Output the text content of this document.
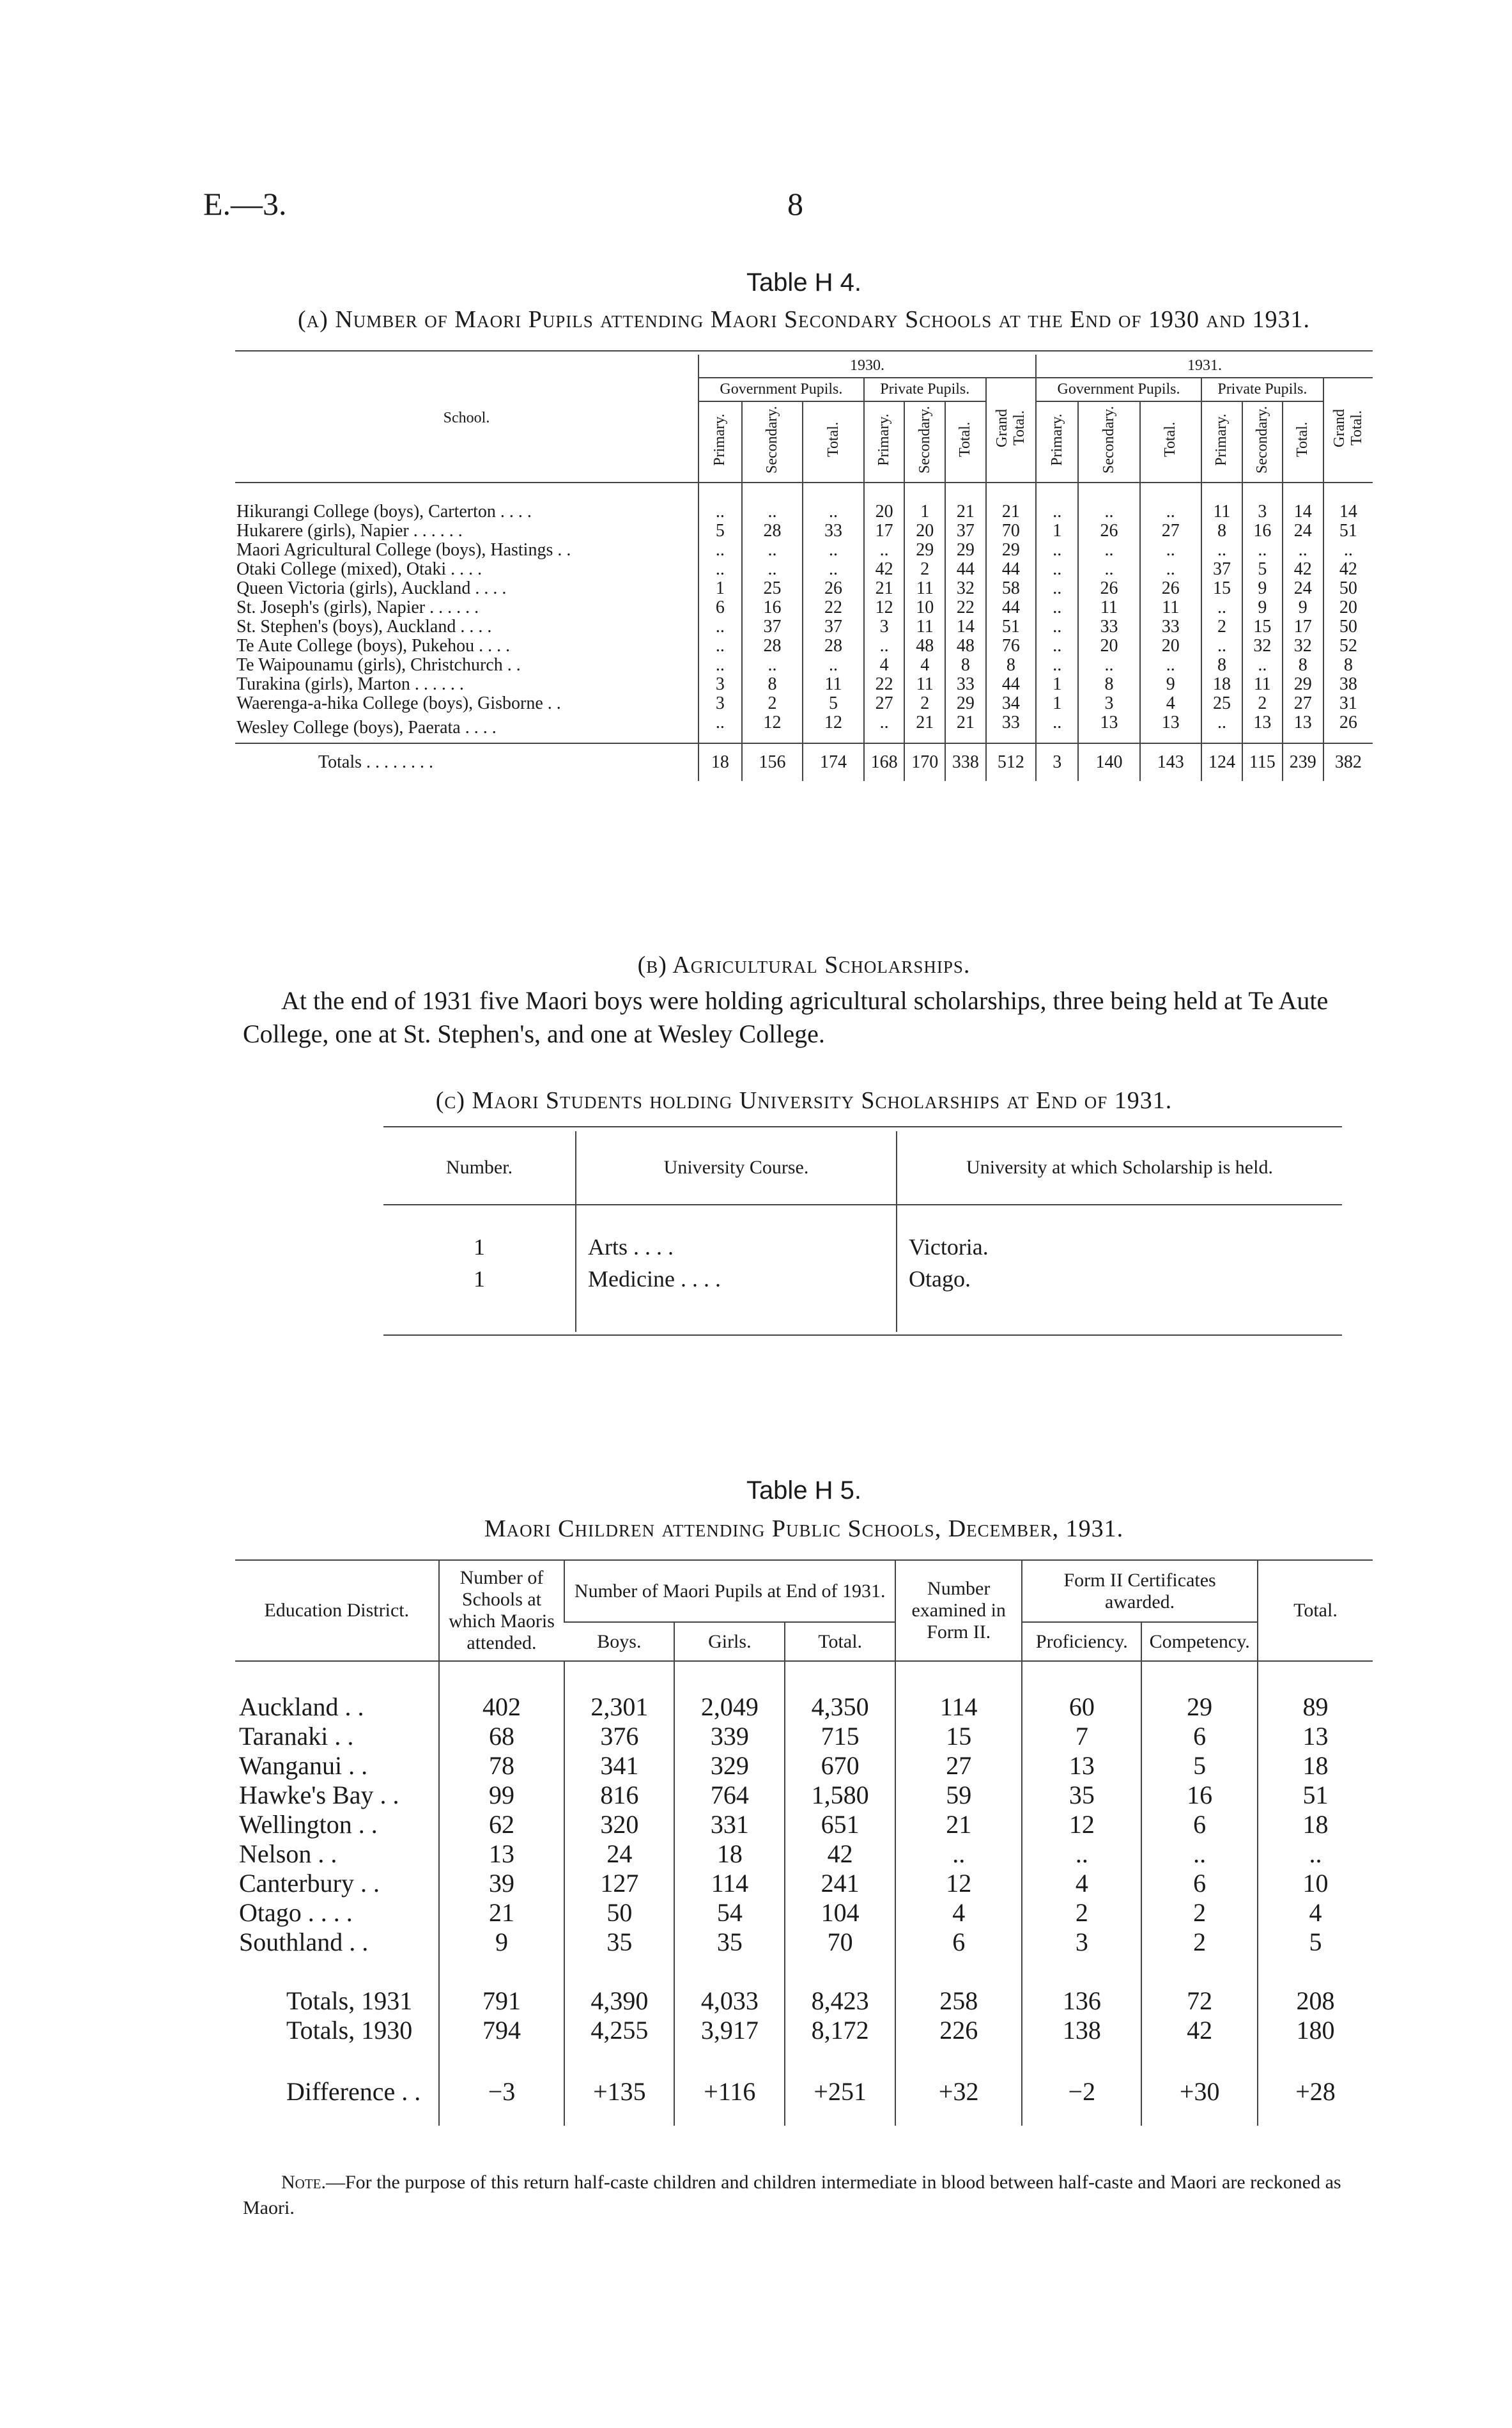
E.—3.	8
Table H 4.
(a) Number of Maori Pupils attending Maori Secondary Schools at the End of 1930 and 1931.
School.	1930.							1931.						
	Government Pupils.			Private Pupils.			Grand Total.	Government Pupils.			Private Pupils.			Grand Total.
	Primary.	Secondary.	Total.	Primary.	Secondary.	Total.		Primary.	Secondary.	Total.	Primary.	Secondary.	Total.	
Hikurangi College (boys), Carterton . . . .	..	..	..	20	1	21	21	..	..	..	11	3	14	14
Hukarere (girls), Napier . . . . . .	5	28	33	17	20	37	70	1	26	27	8	16	24	51
Maori Agricultural College (boys), Hastings . .	..	..	..	..	29	29	29	..	..	..	..	..	..	..
Otaki College (mixed), Otaki . . . .	..	..	..	42	2	44	44	..	..	..	37	5	42	42
Queen Victoria (girls), Auckland . . . .	1	25	26	21	11	32	58	..	26	26	15	9	24	50
St. Joseph's (girls), Napier . . . . . .	6	16	22	12	10	22	44	..	11	11	..	9	9	20
St. Stephen's (boys), Auckland . . . .	..	37	37	3	11	14	51	..	33	33	2	15	17	50
Te Aute College (boys), Pukehou . . . .	..	28	28	..	48	48	76	..	20	20	..	32	32	52
Te Waipounamu (girls), Christchurch . .	..	..	..	4	4	8	8	..	..	..	8	..	8	8
Turakina (girls), Marton . . . . . .	3	8	11	22	11	33	44	1	8	9	18	11	29	38
Waerenga-a-hika College (boys), Gisborne . .	3	2	5	27	2	29	34	1	3	4	25	2	27	31
Wesley College (boys), Paerata . . . .	..	12	12	..	21	21	33	..	13	13	..	13	13	26
Totals . . . . . . . .	18	156	174	168	170	338	512	3	140	143	124	115	239	382
(b) Agricultural Scholarships.
At the end of 1931 five Maori boys were holding agricultural scholarships, three being held at Te Aute College, one at St. Stephen's, and one at Wesley College.
(c) Maori Students holding University Scholarships at End of 1931.
Number.	University Course.	University at which Scholarship is held.
1	Arts . . . .	Victoria.
1	Medicine . . . .	Otago.
Table H 5.
Maori Children attending Public Schools, December, 1931.
Education District.	Number of Schools at which Maoris attended.	Number of Maori Pupils at End of 1931.			Number examined in Form II.	Form II Certificates awarded.		Total.
		Boys.	Girls.	Total.		Proficiency.	Competency.	
Auckland . .	402	2,301	2,049	4,350	114	60	29	89
Taranaki . .	68	376	339	715	15	7	6	13
Wanganui . .	78	341	329	670	27	13	5	18
Hawke's Bay . .	99	816	764	1,580	59	35	16	51
Wellington . .	62	320	331	651	21	12	6	18
Nelson . .	13	24	18	42	..	..	..	..
Canterbury . .	39	127	114	241	12	4	6	10
Otago . . . .	21	50	54	104	4	2	2	4
Southland . .	9	35	35	70	6	3	2	5
Totals, 1931	791	4,390	4,033	8,423	258	136	72	208
Totals, 1930	794	4,255	3,917	8,172	226	138	42	180
Difference . .	−3	+135	+116	+251	+32	−2	+30	+28
Note.—For the purpose of this return half-caste children and children intermediate in blood between half-caste and Maori are reckoned as Maori.
